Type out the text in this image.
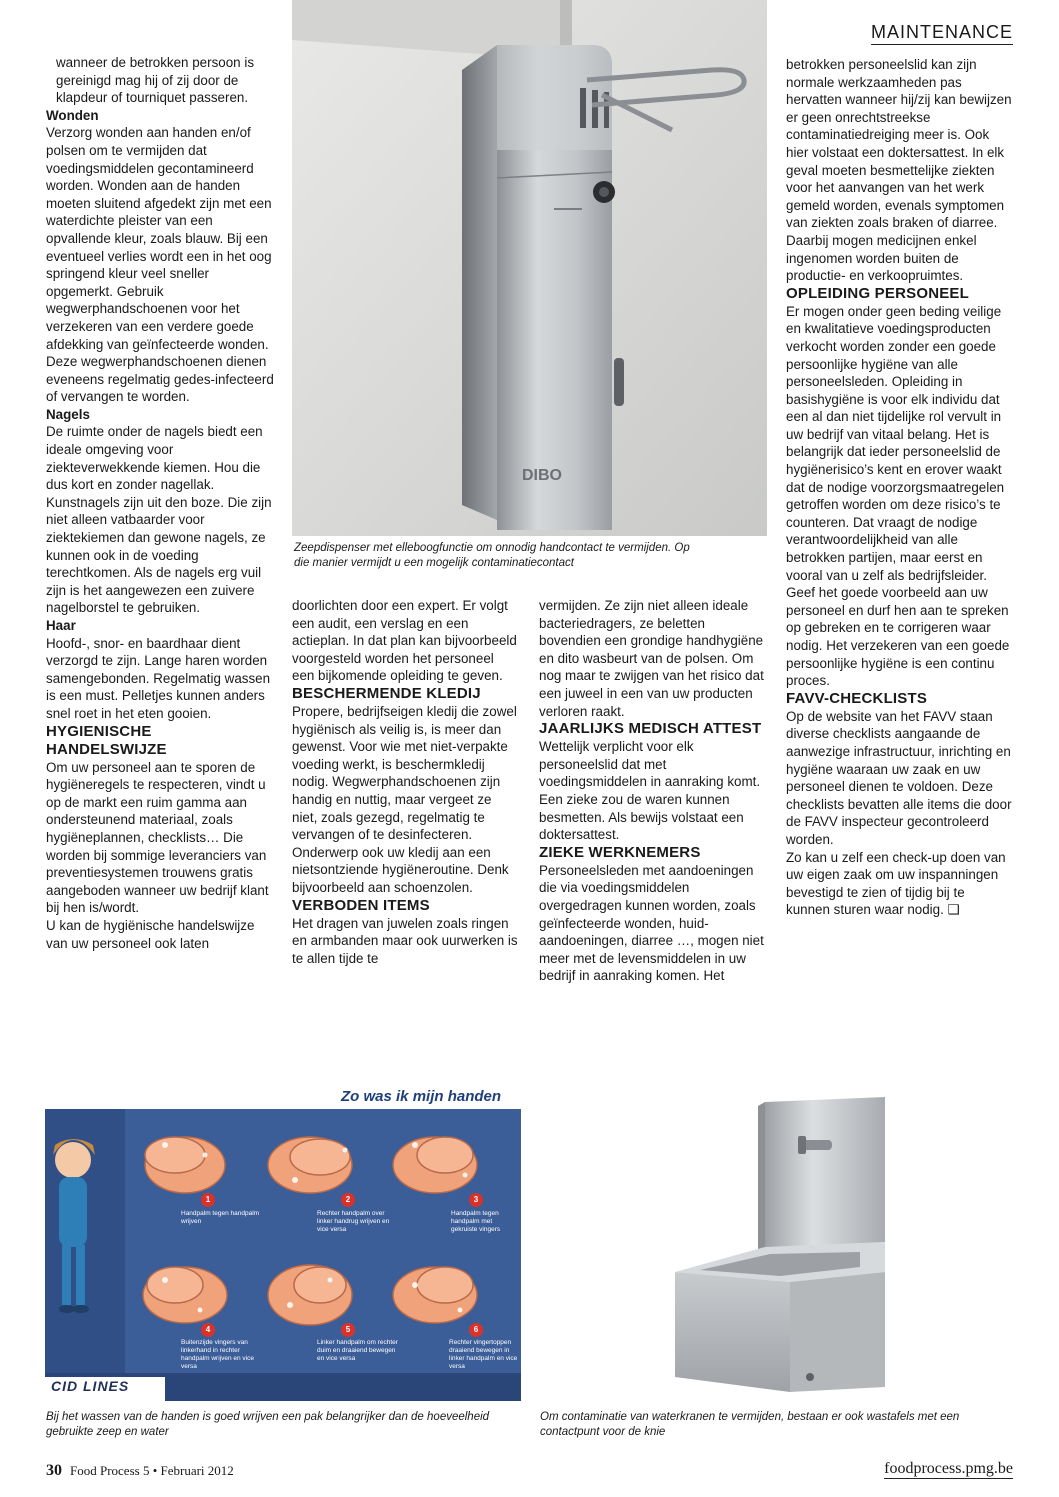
MAINTENANCE
DIBO
Zeepdispenser met elleboogfunctie om onnodig handcontact te vermijden. Op die manier vermijdt u een mogelijk contaminatiecontact

wanneer de betrokken persoon is gereinigd mag hij of zij door de klapdeur of tourniquet passeren.

Wonden

Verzorg wonden aan handen en/of polsen om te vermijden dat voedingsmiddelen gecontamineerd worden. Wonden aan de handen moeten sluitend afgedekt zijn met een waterdichte pleister van een opvallende kleur, zoals blauw. Bij een eventueel verlies wordt een in het oog springend kleur veel sneller opgemerkt. Gebruik wegwerphandschoenen voor het verzekeren van een verdere goede afdekking van geïnfecteerde wonden. Deze wegwerphandschoenen dienen eveneens regelmatig gedes-infecteerd of vervangen te worden.

Nagels

De ruimte onder de nagels biedt een ideale omgeving voor ziekteverwekkende kiemen. Hou die dus kort en zonder nagellak. Kunstnagels zijn uit den boze. Die zijn niet alleen vatbaarder voor ziektekiemen dan gewone nagels, ze kunnen ook in de voeding terechtkomen. Als de nagels erg vuil zijn is het aangewezen een zuivere nagelborstel te gebruiken.

Haar

Hoofd-, snor- en baardhaar dient verzorgd te zijn. Lange haren worden samengebonden. Regelmatig wassen is een must. Pelletjes kunnen anders snel roet in het eten gooien.

HYGIENISCHE HANDELSWIJZE

Om uw personeel aan te sporen de hygiëneregels te respecteren, vindt u op de markt een ruim gamma aan ondersteunend materiaal, zoals hygiëneplannen, checklists… Die worden bij sommige leveranciers van preventiesystemen trouwens gratis aangeboden wanneer uw bedrijf klant bij hen is/wordt.

U kan de hygiënische handelswijze van uw personeel ook laten

doorlichten door een expert. Er volgt een audit, een verslag en een actieplan. In dat plan kan bijvoorbeeld voorgesteld worden het personeel een bijkomende opleiding te geven.

BESCHERMENDE KLEDIJ

Propere, bedrijfseigen kledij die zowel hygiënisch als veilig is, is meer dan gewenst. Voor wie met niet-verpakte voeding werkt, is beschermkledij nodig. Wegwerphandschoenen zijn handig en nuttig, maar vergeet ze niet, zoals gezegd, regelmatig te vervangen of te desinfecteren. Onderwerp ook uw kledij aan een nietsontziende hygiëneroutine. Denk bijvoorbeeld aan schoenzolen.

VERBODEN ITEMS

Het dragen van juwelen zoals ringen en armbanden maar ook uurwerken is te allen tijde te

vermijden. Ze zijn niet alleen ideale bacteriedragers, ze beletten bovendien een grondige handhygiëne en dito wasbeurt van de polsen. Om nog maar te zwijgen van het risico dat een juweel in een van uw producten verloren raakt.

JAARLIJKS MEDISCH ATTEST

Wettelijk verplicht voor elk personeelslid dat met voedingsmiddelen in aanraking komt. Een zieke zou de waren kunnen besmetten. Als bewijs volstaat een doktersattest.

ZIEKE WERKNEMERS

Personeelsleden met aandoeningen die via voedingsmiddelen overgedragen kunnen worden, zoals geïnfecteerde wonden, huid-aandoeningen, diarree …, mogen niet meer met de levensmiddelen in uw bedrijf in aanraking komen. Het

betrokken personeelslid kan zijn normale werkzaamheden pas hervatten wanneer hij/zij kan bewijzen er geen onrechtstreekse contaminatiedreiging meer is. Ook hier volstaat een doktersattest. In elk geval moeten besmettelijke ziekten voor het aanvangen van het werk gemeld worden, evenals symptomen van ziekten zoals braken of diarree. Daarbij mogen medicijnen enkel ingenomen worden buiten de productie- en verkoopruimtes.

OPLEIDING PERSONEEL

Er mogen onder geen beding veilige en kwalitatieve voedingsproducten verkocht worden zonder een goede persoonlijke hygiëne van alle personeelsleden. Opleiding in basishygiëne is voor elk individu dat een al dan niet tijdelijke rol vervult in uw bedrijf van vitaal belang. Het is belangrijk dat ieder personeelslid de hygiënerisico’s kent en erover waakt dat de nodige voorzorgsmaatregelen getroffen worden om deze risico’s te counteren. Dat vraagt de nodige verantwoordelijkheid van alle betrokken partijen, maar eerst en vooral van u zelf als bedrijfsleider. Geef het goede voorbeeld aan uw personeel en durf hen aan te spreken op gebreken en te corrigeren waar nodig. Het verzekeren van een goede persoonlijke hygiëne is een continu proces.

FAVV-CHECKLISTS

Op de website van het FAVV staan diverse checklists aangaande de aanwezige infrastructuur, inrichting en hygiëne waaraan uw zaak en uw personeel dienen te voldoen. Deze checklists bevatten alle items die door de FAVV inspecteur gecontroleerd worden.

Zo kan u zelf een check-up doen van uw eigen zaak om uw inspanningen bevestigd te zien of tijdig bij te kunnen sturen waar nodig. ❑

Zo was ik mijn handen
CID LINES
1
Handpalm tegen handpalm wrijven
2
Rechter handpalm over linker handrug wrijven en vice versa
3
Handpalm tegen handpalm met gekruiste vingers
4
Buitenzijde vingers van linkerhand in rechter handpalm wrijven en vice versa
5
Linker handpalm om rechter duim en draaiend bewegen en vice versa
6
Rechter vingertoppen draaiend bewegen in linker handpalm en vice versa
Bij het wassen van de handen is goed wrijven een pak belangrijker dan de hoeveelheid gebruikte zeep en water
Om contaminatie van waterkranen te vermijden, bestaan er ook wastafels met een contactpunt voor de knie
30 Food Process 5 • Februari 2012	foodprocess.pmg.be
